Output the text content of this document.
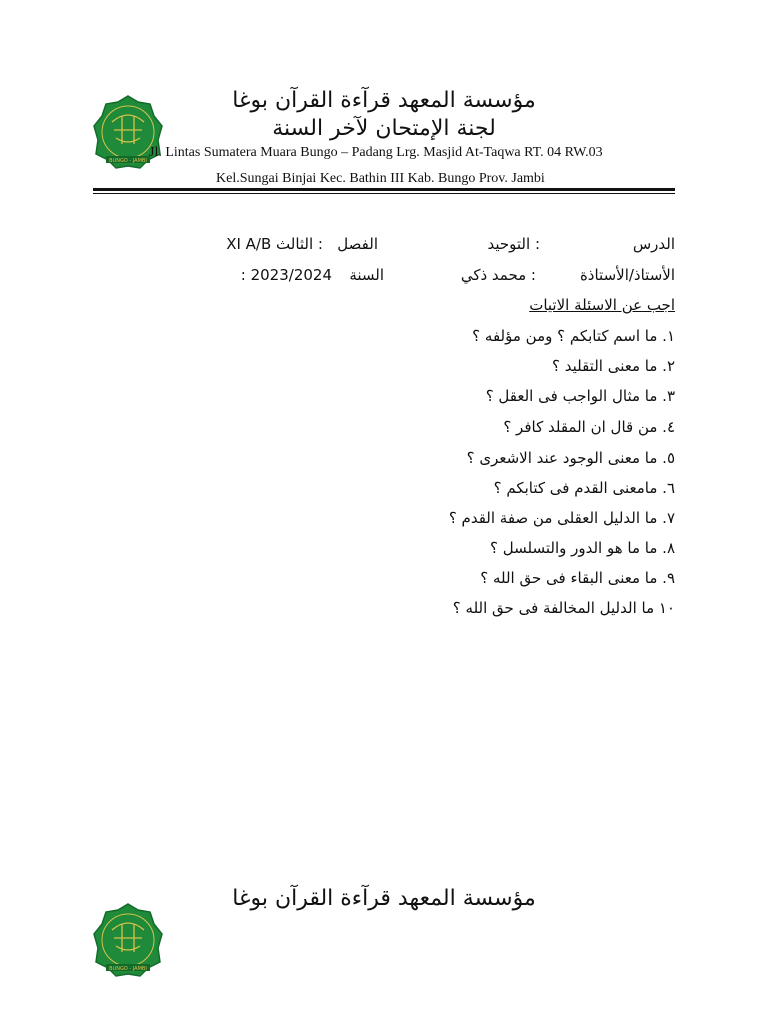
BUNGO - JAMBI
مؤسسة المعهد قرآءة القرآن بوغا
لجنة الإمتحان لآخر السنة
Jl. Lintas Sumatera Muara Bungo – Padang Lrg. Masjid At-Taqwa RT. 04 RW.03
Kel.Sungai Binjai Kec. Bathin III Kab. Bungo Prov. Jambi
الدرس
: التوحيد
الفصل
: الثالث XI A/B
الأستاذ/الأستاذة
: محمد ذكي
السنة
: 2023/2024
اجب عن الاسئلة الاتيات
١. ما اسم كتابكم ؟ ومن مؤلفه ؟
٢. ما معنى التقليد ؟
٣. ما مثال الواجب فى العقل ؟
٤. من قال ان المقلد كافر ؟
٥. ما معنى الوجود عند الاشعرى ؟
٦. مامعنى القدم فى كتابكم ؟
٧. ما الدليل العقلى من صفة القدم ؟
٨. ما ما هو الدور والتسلسل ؟
٩. ما معنى البقاء فى حق الله ؟
١٠ ما الدليل المخالفة فى حق الله ؟
BUNGO - JAMBI
مؤسسة المعهد قرآءة القرآن بوغا
